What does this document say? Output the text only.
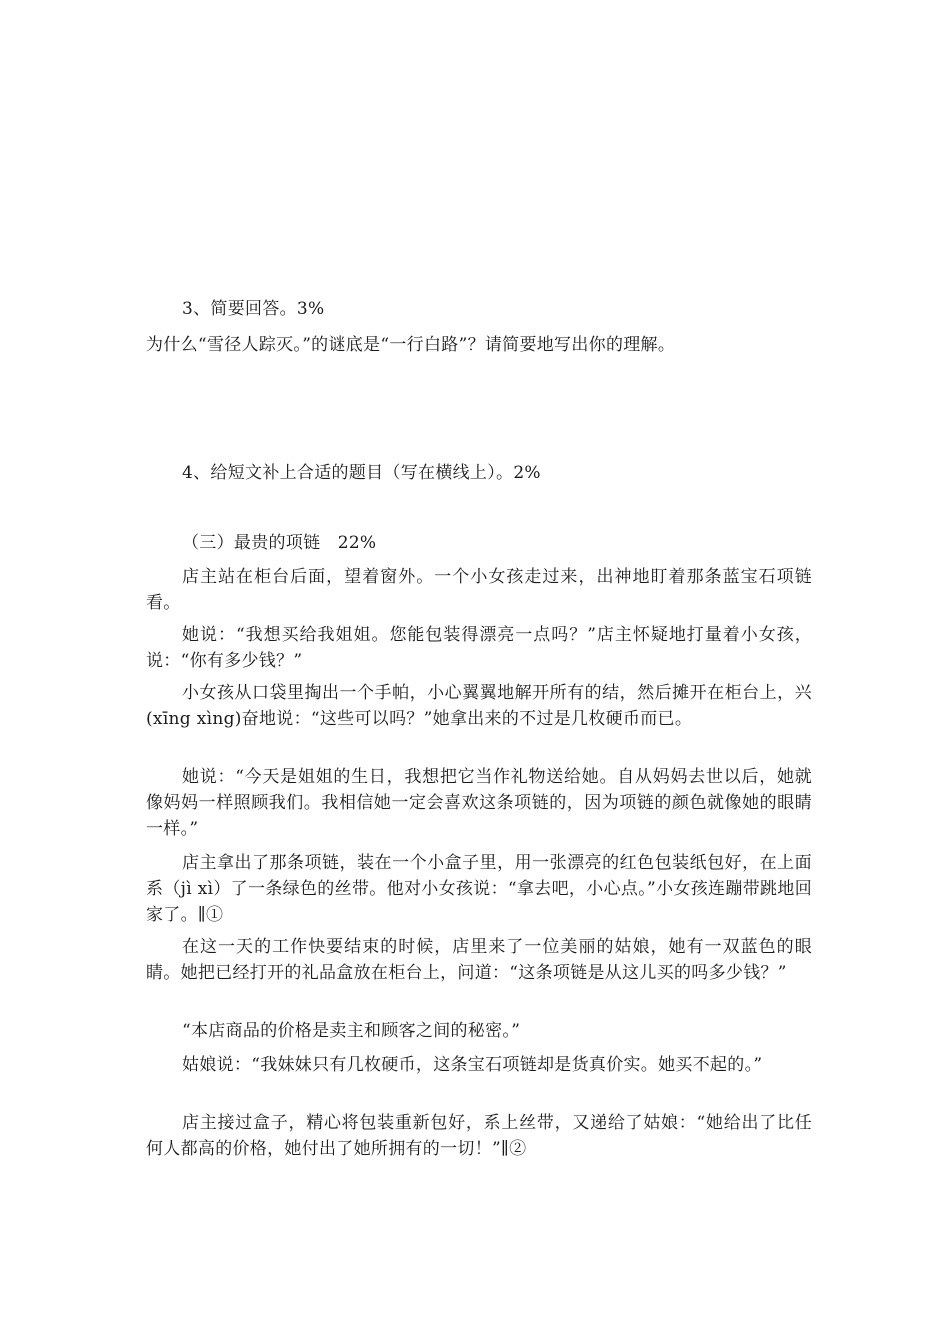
3、简要回答。3%
为什么“雪径人踪灭。”的谜底是“一行白路”？请简要地写出你的理解。
4、给短文补上合适的题目（写在横线上）。2%
（三）最贵的项链　22%
店主站在柜台后面，望着窗外。一个小女孩走过来，出神地盯着那条蓝宝石项链看。
她说：“我想买给我姐姐。您能包装得漂亮一点吗？”店主怀疑地打量着小女孩，说：“你有多少钱？”
小女孩从口袋里掏出一个手帕，小心翼翼地解开所有的结，然后摊开在柜台上，兴(xīng xìng)奋地说：“这些可以吗？”她拿出来的不过是几枚硬币而已。
她说：“今天是姐姐的生日，我想把它当作礼物送给她。自从妈妈去世以后，她就像妈妈一样照顾我们。我相信她一定会喜欢这条项链的，因为项链的颜色就像她的眼睛一样。”
店主拿出了那条项链，装在一个小盒子里，用一张漂亮的红色包装纸包好，在上面系（jì xì）了一条绿色的丝带。他对小女孩说：“拿去吧，小心点。”小女孩连蹦带跳地回家了。∥①
在这一天的工作快要结束的时候，店里来了一位美丽的姑娘，她有一双蓝色的眼睛。她把已经打开的礼品盒放在柜台上，问道：“这条项链是从这儿买的吗多少钱？”
“本店商品的价格是卖主和顾客之间的秘密。”
姑娘说：“我妹妹只有几枚硬币，这条宝石项链却是货真价实。她买不起的。”
店主接过盒子，精心将包装重新包好，系上丝带，又递给了姑娘：“她给出了比任何人都高的价格，她付出了她所拥有的一切！”∥②
